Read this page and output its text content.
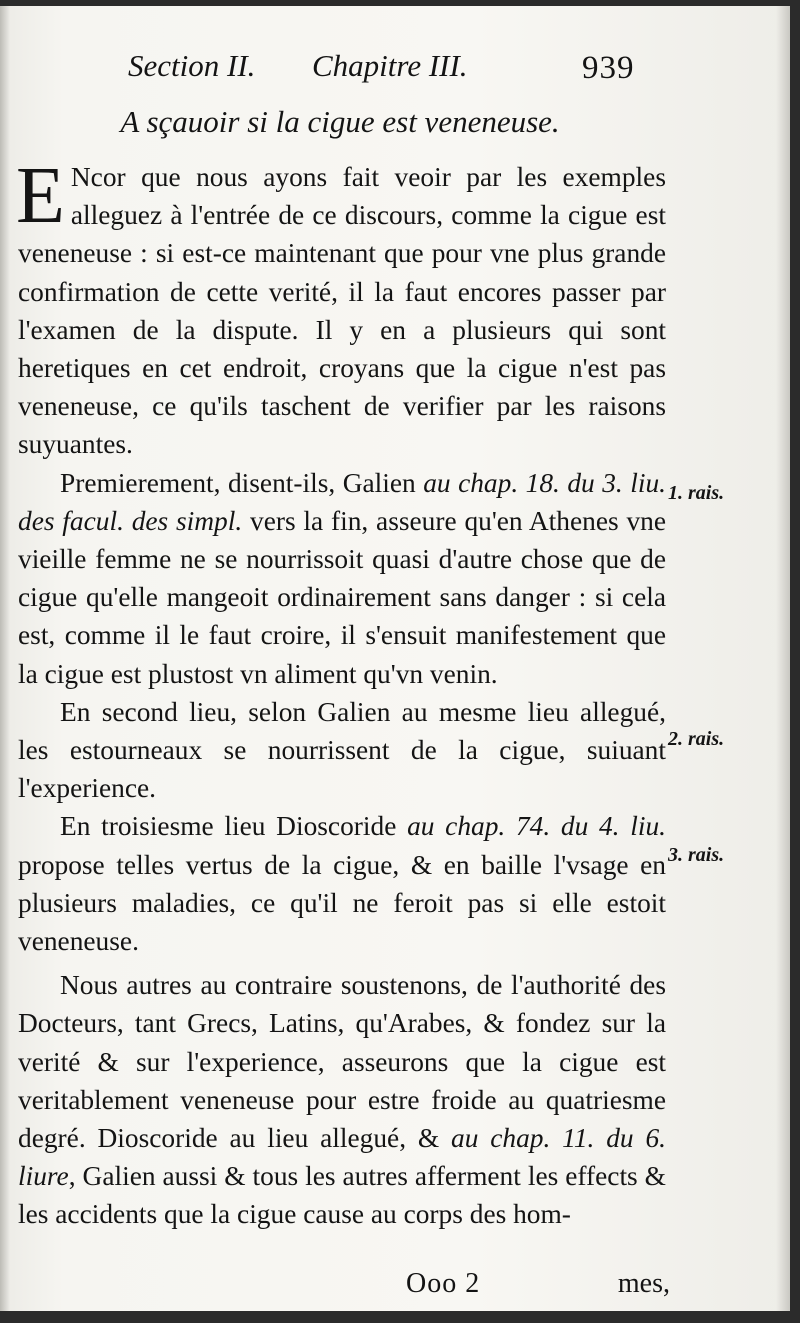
Section II. Chapitre III.	939
A sçauoir si la cigue est veneneuse.

E Ncor que nous ayons fait veoir par les exemples alleguez à l'entrée de ce discours, comme la cigue est veneneuse : si est-ce maintenant que pour vne plus grande confirmation de cette verité, il la faut encores passer par l'examen de la dispute. Il y en a plusieurs qui sont heretiques en cet endroit, croyans que la cigue n'est pas veneneuse, ce qu'ils taschent de verifier par les raisons suyuantes.

Premierement, disent-ils, Galien au chap. 18. du 3. liu. des facul. des simpl. vers la fin, asseure qu'en Athenes vne vieille femme ne se nourrissoit quasi d'autre chose que de cigue qu'elle mangeoit ordinairement sans danger : si cela est, comme il le faut croire, il s'ensuit manifestement que la cigue est plustost vn aliment qu'vn venin.

En second lieu, selon Galien au mesme lieu allegué, les estourneaux se nourrissent de la cigue, suiuant l'experience.

En troisiesme lieu Dioscoride au chap. 74. du 4. liu. propose telles vertus de la cigue, & en baille l'vsage en plusieurs maladies, ce qu'il ne feroit pas si elle estoit veneneuse.

Nous autres au contraire soustenons, de l'authorité des Docteurs, tant Grecs, Latins, qu'Arabes, & fondez sur la verité & sur l'experience, asseurons que la cigue est veritablement veneneuse pour estre froide au quatriesme degré. Dioscoride au lieu allegué, & au chap. 11. du 6. liure, Galien aussi & tous les autres afferment les effects & les accidents que la cigue cause au corps des hom-

1. rais.
2. rais.
3. rais.
Ooo 2	mes,
